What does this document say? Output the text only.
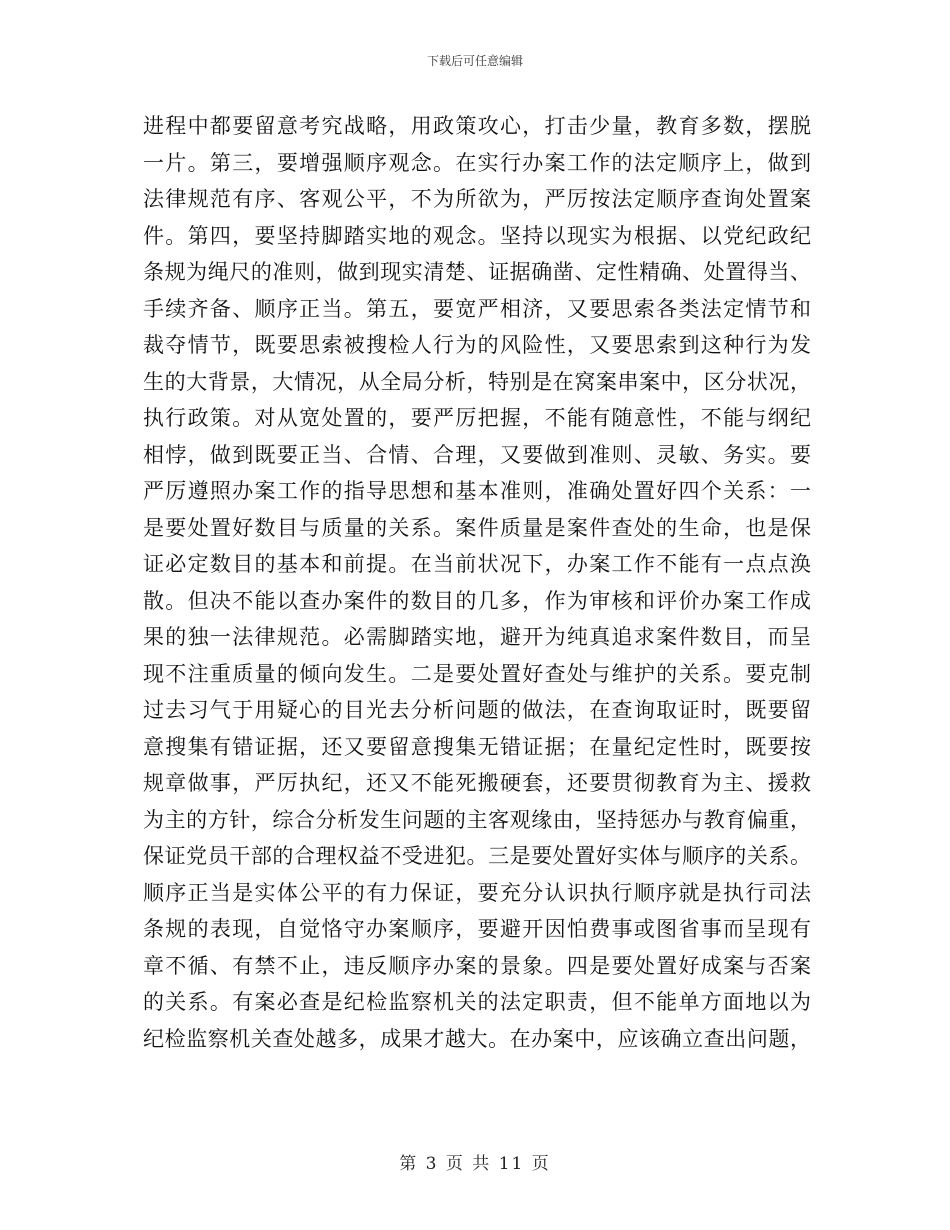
下载后可任意编辑
进程中都要留意考究战略，用政策攻心，打击少量，教育多数，摆脱
一片。第三，要增强顺序观念。在实行办案工作的法定顺序上，做到
法律规范有序、客观公平，不为所欲为，严厉按法定顺序查询处置案
件。第四，要坚持脚踏实地的观念。坚持以现实为根据、以党纪政纪
条规为绳尺的准则，做到现实清楚、证据确凿、定性精确、处置得当、
手续齐备、顺序正当。第五，要宽严相济，又要思索各类法定情节和
裁夺情节，既要思索被搜检人行为的风险性，又要思索到这种行为发
生的大背景，大情况，从全局分析，特别是在窝案串案中，区分状况，
执行政策。对从宽处置的，要严厉把握，不能有随意性，不能与纲纪
相悖，做到既要正当、合情、合理，又要做到准则、灵敏、务实。要
严厉遵照办案工作的指导思想和基本准则，准确处置好四个关系：一
是要处置好数目与质量的关系。案件质量是案件查处的生命，也是保
证必定数目的基本和前提。在当前状况下，办案工作不能有一点点涣
散。但决不能以查办案件的数目的几多，作为审核和评价办案工作成
果的独一法律规范。必需脚踏实地，避开为纯真追求案件数目，而呈
现不注重质量的倾向发生。二是要处置好查处与维护的关系。要克制
过去习气于用疑心的目光去分析问题的做法，在查询取证时，既要留
意搜集有错证据，还又要留意搜集无错证据；在量纪定性时，既要按
规章做事，严厉执纪，还又不能死搬硬套，还要贯彻教育为主、援救
为主的方针，综合分析发生问题的主客观缘由，坚持惩办与教育偏重，
保证党员干部的合理权益不受进犯。三是要处置好实体与顺序的关系。
顺序正当是实体公平的有力保证，要充分认识执行顺序就是执行司法
条规的表现，自觉恪守办案顺序，要避开因怕费事或图省事而呈现有
章不循、有禁不止，违反顺序办案的景象。四是要处置好成案与否案
的关系。有案必查是纪检监察机关的法定职责，但不能单方面地以为
纪检监察机关查处越多，成果才越大。在办案中，应该确立查出问题，
第 3 页 共 11 页
